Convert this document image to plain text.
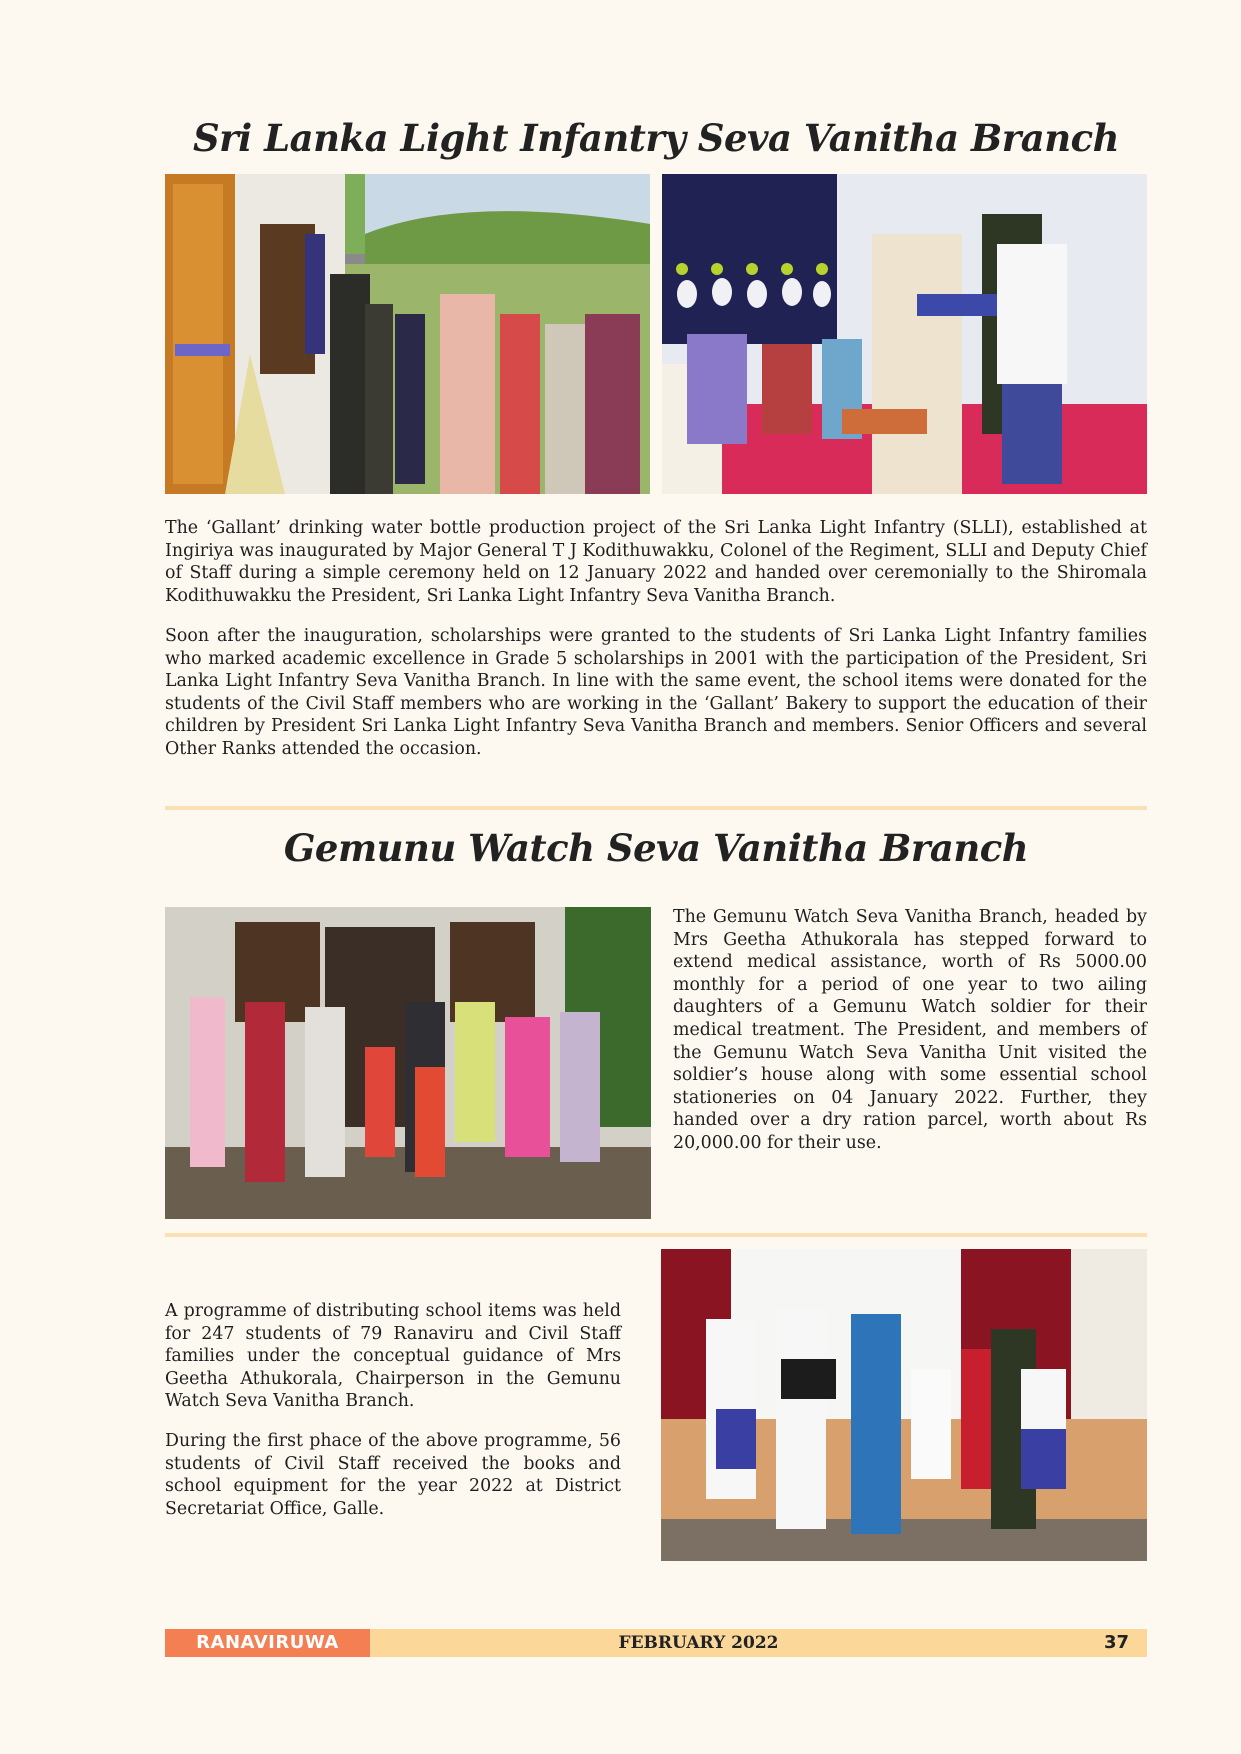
Sri Lanka Light Infantry Seva Vanitha Branch

The ‘Gallant’ drinking water bottle production project of the Sri Lanka Light Infantry (SLLI), established at Ingiriya was inaugurated by Major General T J Kodithuwakku, Colonel of the Regiment, SLLI and Deputy Chief of Staff during a simple ceremony held on 12 January 2022 and handed over ceremonially to the Shiromala Kodithuwakku the President, Sri Lanka Light Infantry Seva Vanitha Branch.

Soon after the inauguration, scholarships were granted to the students of Sri Lanka Light Infantry families who marked academic excellence in Grade 5 scholarships in 2001 with the participation of the President, Sri Lanka Light Infantry Seva Vanitha Branch. In line with the same event, the school items were donated for the students of the Civil Staff members who are working in the ‘Gallant’ Bakery to support the education of their children by President Sri Lanka Light Infantry Seva Vanitha Branch and members. Senior Officers and several Other Ranks attended the occasion.

Gemunu Watch Seva Vanitha Branch

The Gemunu Watch Seva Vanitha Branch, headed by Mrs Geetha Athukorala has stepped forward to extend medical assistance, worth of Rs 5000.00 monthly for a period of one year to two ailing daughters of a Gemunu Watch soldier for their medical treatment. The President, and members of the Gemunu Watch Seva Vanitha Unit visited the soldier’s house along with some essential school stationeries on 04 January 2022. Further, they handed over a dry ration parcel, worth about Rs 20,000.00 for their use.

A programme of distributing school items was held for 247 students of 79 Ranaviru and Civil Staff families under the conceptual guidance of Mrs Geetha Athukorala, Chairperson in the Gemunu Watch Seva Vanitha Branch.

During the first phace of the above programme, 56 students of Civil Staff received the books and school equipment for the year 2022 at District Secretariat Office, Galle.

RANAVIRUWA	FEBRUARY 2022	37
